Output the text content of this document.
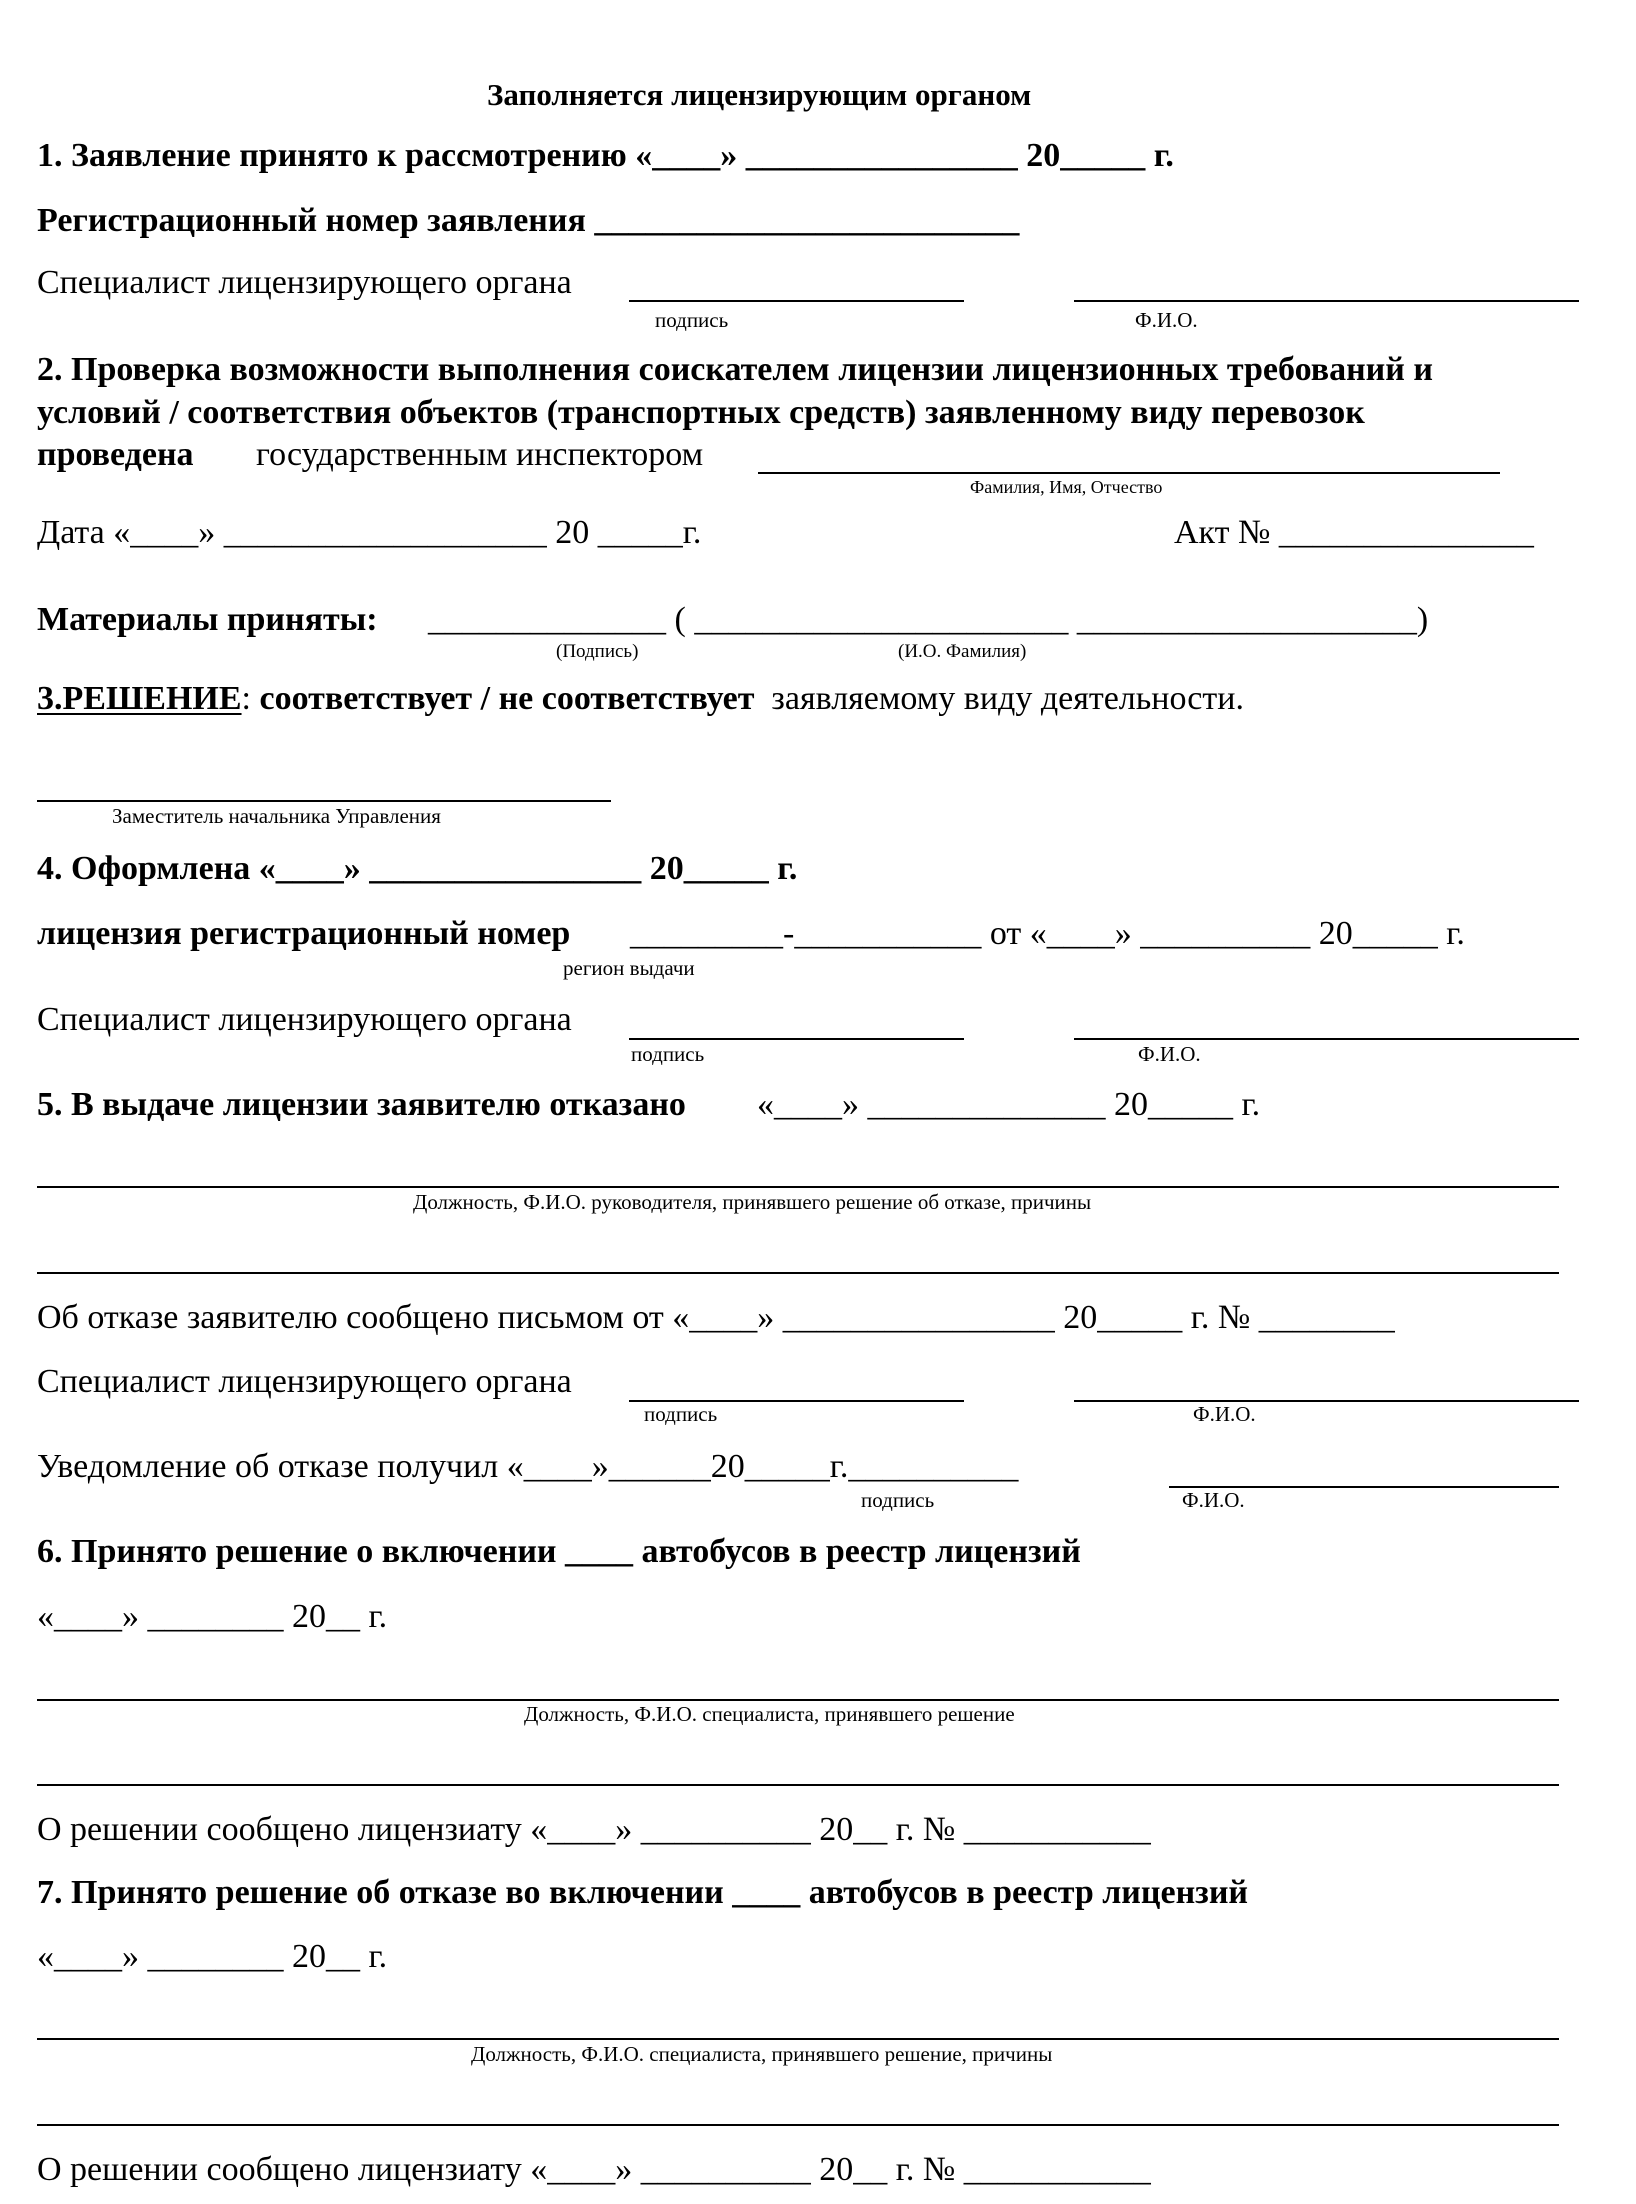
Заполняется лицензирующим органом
1. Заявление принято к рассмотрению «____» ________________ 20_____ г.
Регистрационный номер заявления _________________________
Специалист лицензирующего органа
подпись	Ф.И.О.
2. Проверка возможности выполнения соискателем лицензии лицензионных требований и
условий / соответствия объектов (транспортных средств) заявленному виду перевозок
проведена государственным инспектором
Фамилия, Имя, Отчество
Дата «____» ___________________ 20 _____г.	Акт № _______________
Материалы приняты: ______________ ( ______________________ ____________________)
(Подпись)	(И.О. Фамилия)
3.РЕШЕНИЕ: соответствует / не соответствует заявляемому виду деятельности.
Заместитель начальника Управления
4. Оформлена «____» ________________ 20_____ г.
лицензия регистрационный номер _________-___________ от «____» __________ 20_____ г.
регион выдачи
Специалист лицензирующего органа
подпись	Ф.И.О.
5. В выдаче лицензии заявителю отказано «____» ______________ 20_____ г.
Должность, Ф.И.О. руководителя, принявшего решение об отказе, причины
Об отказе заявителю сообщено письмом от «____» ________________ 20_____ г. № ________
Специалист лицензирующего органа
подпись	Ф.И.О.
Уведомление об отказе получил «____»______20_____г.__________
подпись	Ф.И.О.
6. Принято решение о включении ____ автобусов в реестр лицензий
«____» ________ 20__ г.
Должность, Ф.И.О. специалиста, принявшего решение
О решении сообщено лицензиату «____» __________ 20__ г. № ___________
7. Принято решение об отказе во включении ____ автобусов в реестр лицензий
«____» ________ 20__ г.
Должность, Ф.И.О. специалиста, принявшего решение, причины
О решении сообщено лицензиату «____» __________ 20__ г. № ___________
